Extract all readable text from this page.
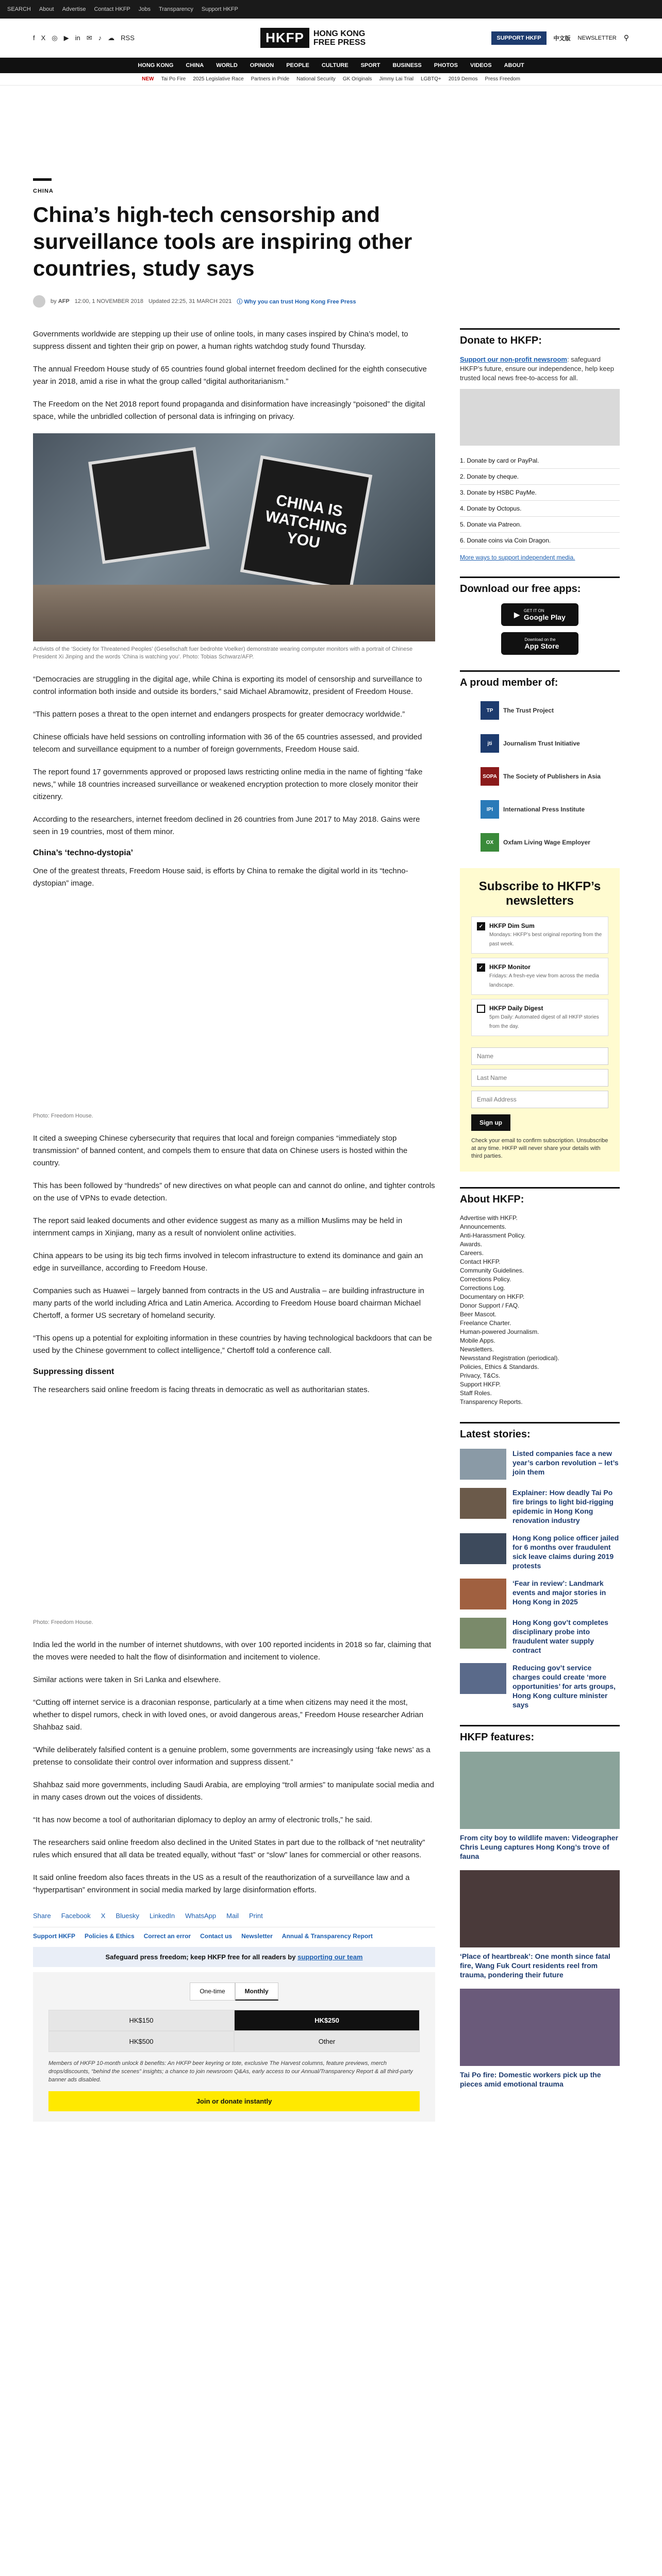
SEARCH About Advertise Contact HKFP Jobs Transparency Support HKFP
f X ◎ ▶ in ✉ ♪ ☁ RSS	HKFP	HONG KONG
FREE PRESS	SUPPORT HKFP	中文版 NEWSLETTER ⚲
HONG KONG CHINA WORLD OPINION PEOPLE CULTURE SPORT BUSINESS PHOTOS VIDEOS ABOUT
NEW Tai Po Fire 2025 Legislative Race Partners in Pride National Security GK Originals Jimmy Lai Trial LGBTQ+ 2019 Demos Press Freedom
CHINA
China’s high-tech censorship and surveillance tools are inspiring other countries, study says
by AFP 12:00, 1 NOVEMBER 2018 Updated 22:25, 31 MARCH 2021 ⓘ Why you can trust Hong Kong Free Press

Governments worldwide are stepping up their use of online tools, in many cases inspired by China’s model, to suppress dissent and tighten their grip on power, a human rights watchdog study found Thursday.

The annual Freedom House study of 65 countries found global internet freedom declined for the eighth consecutive year in 2018, amid a rise in what the group called “digital authoritarianism.”

The Freedom on the Net 2018 report found propaganda and disinformation have increasingly “poisoned” the digital space, while the unbridled collection of personal data is infringing on privacy.

CHINA IS WATCHING YOU
Activists of the ‘Society for Threatened Peoples’ (Gesellschaft fuer bedrohte Voelker) demonstrate wearing computer monitors with a portrait of Chinese President Xi Jinping and the words ‘China is watching you’. Photo: Tobias Schwarz/AFP.

“Democracies are struggling in the digital age, while China is exporting its model of censorship and surveillance to control information both inside and outside its borders,” said Michael Abramowitz, president of Freedom House.

“This pattern poses a threat to the open internet and endangers prospects for greater democracy worldwide.”

Chinese officials have held sessions on controlling information with 36 of the 65 countries assessed, and provided telecom and surveillance equipment to a number of foreign governments, Freedom House said.

The report found 17 governments approved or proposed laws restricting online media in the name of fighting “fake news,” while 18 countries increased surveillance or weakened encryption protection to more closely monitor their citizenry.

According to the researchers, internet freedom declined in 26 countries from June 2017 to May 2018. Gains were seen in 19 countries, most of them minor.

China’s ‘techno-dystopia’

One of the greatest threats, Freedom House said, is efforts by China to remake the digital world in its “techno-dystopian” image.

Photo: Freedom House.

It cited a sweeping Chinese cybersecurity that requires that local and foreign companies “immediately stop transmission” of banned content, and compels them to ensure that data on Chinese users is hosted within the country.

This has been followed by “hundreds” of new directives on what people can and cannot do online, and tighter controls on the use of VPNs to evade detection.

The report said leaked documents and other evidence suggest as many as a million Muslims may be held in internment camps in Xinjiang, many as a result of nonviolent online activities.

China appears to be using its big tech firms involved in telecom infrastructure to extend its dominance and gain an edge in surveillance, according to Freedom House.

Companies such as Huawei – largely banned from contracts in the US and Australia – are building infrastructure in many parts of the world including Africa and Latin America. According to Freedom House board chairman Michael Chertoff, a former US secretary of homeland security.

“This opens up a potential for exploiting information in these countries by having technological backdoors that can be used by the Chinese government to collect intelligence,” Chertoff told a conference call.

Suppressing dissent

The researchers said online freedom is facing threats in democratic as well as authoritarian states.

Photo: Freedom House.

India led the world in the number of internet shutdowns, with over 100 reported incidents in 2018 so far, claiming that the moves were needed to halt the flow of disinformation and incitement to violence.

Similar actions were taken in Sri Lanka and elsewhere.

“Cutting off internet service is a draconian response, particularly at a time when citizens may need it the most, whether to dispel rumors, check in with loved ones, or avoid dangerous areas,” Freedom House researcher Adrian Shahbaz said.

“While deliberately falsified content is a genuine problem, some governments are increasingly using ‘fake news’ as a pretense to consolidate their control over information and suppress dissent.”

Shahbaz said more governments, including Saudi Arabia, are employing “troll armies” to manipulate social media and in many cases drown out the voices of dissidents.

“It has now become a tool of authoritarian diplomacy to deploy an army of electronic trolls,” he said.

The researchers said online freedom also declined in the United States in part due to the rollback of “net neutrality” rules which ensured that all data be treated equally, without “fast” or “slow” lanes for commercial or other reasons.

It said online freedom also faces threats in the US as a result of the reauthorization of a surveillance law and a “hyperpartisan” environment in social media marked by large disinformation efforts.

Share Facebook X Bluesky LinkedIn WhatsApp Mail Print
Support HKFP Policies & Ethics Correct an error Contact us Newsletter Annual & Transparency Report
Safeguard press freedom; keep HKFP free for all readers by supporting our team
One-time	Monthly
HK$150	HK$250
HK$500	Other
Members of HKFP 10-month unlock 8 benefits: An HKFP beer keyring or tote, exclusive The Harvest columns, feature previews, merch drops/discounts, “behind the scenes” insights; a chance to join newsroom Q&As, early access to our Annual/Transparency Report & all third-party banner ads disabled.
Join or donate instantly
Donate to HKFP:
Support our non-profit newsroom: safeguard HKFP’s future, ensure our independence, help keep trusted local news free-to-access for all.
1. Donate by card or PayPal.
2. Donate by cheque.
3. Donate by HSBC PayMe.
4. Donate by Octopus.
5. Donate via Patreon.
6. Donate coins via Coin Dragon.
More ways to support independent media.
Download our free apps:
▶ GET IT ON
Google Play
Download on the
App Store
A proud member of:
TP	The Trust Project
jti	Journalism Trust Initiative
SOPA	The Society of Publishers in Asia
IPI	International Press Institute
OX	Oxfam Living Wage Employer
Subscribe to HKFP’s newsletters
✓ HKFP Dim Sum
Mondays: HKFP’s best original reporting from the past week.
✓ HKFP Monitor
Fridays: A fresh-eye view from across the media landscape.
HKFP Daily Digest
5pm Daily: Automated digest of all HKFP stories from the day.
Name Last Name Email Address Sign up
Check your email to confirm subscription. Unsubscribe at any time. HKFP will never share your details with third parties.
About HKFP:
Advertise with HKFP.
Announcements.
Anti-Harassment Policy.
Awards.
Careers.
Contact HKFP.
Community Guidelines.
Corrections Policy.
Corrections Log.
Documentary on HKFP.
Donor Support / FAQ.
Beer Mascot.
Freelance Charter.
Human-powered Journalism.
Mobile Apps.
Newsletters.
Newsstand Registration (periodical).
Policies, Ethics & Standards.
Privacy, T&Cs.
Support HKFP.
Staff Roles.
Transparency Reports.
Latest stories:
Listed companies face a new year’s carbon revolution – let’s join them
Explainer: How deadly Tai Po fire brings to light bid-rigging epidemic in Hong Kong renovation industry
Hong Kong police officer jailed for 6 months over fraudulent sick leave claims during 2019 protests
‘Fear in review’: Landmark events and major stories in Hong Kong in 2025
Hong Kong gov’t completes disciplinary probe into fraudulent water supply contract
Reducing gov’t service charges could create ‘more opportunities’ for arts groups, Hong Kong culture minister says
HKFP features:
From city boy to wildlife maven: Videographer Chris Leung captures Hong Kong’s trove of fauna
‘Place of heartbreak’: One month since fatal fire, Wang Fuk Court residents reel from trauma, pondering their future
Tai Po fire: Domestic workers pick up the pieces amid emotional trauma
